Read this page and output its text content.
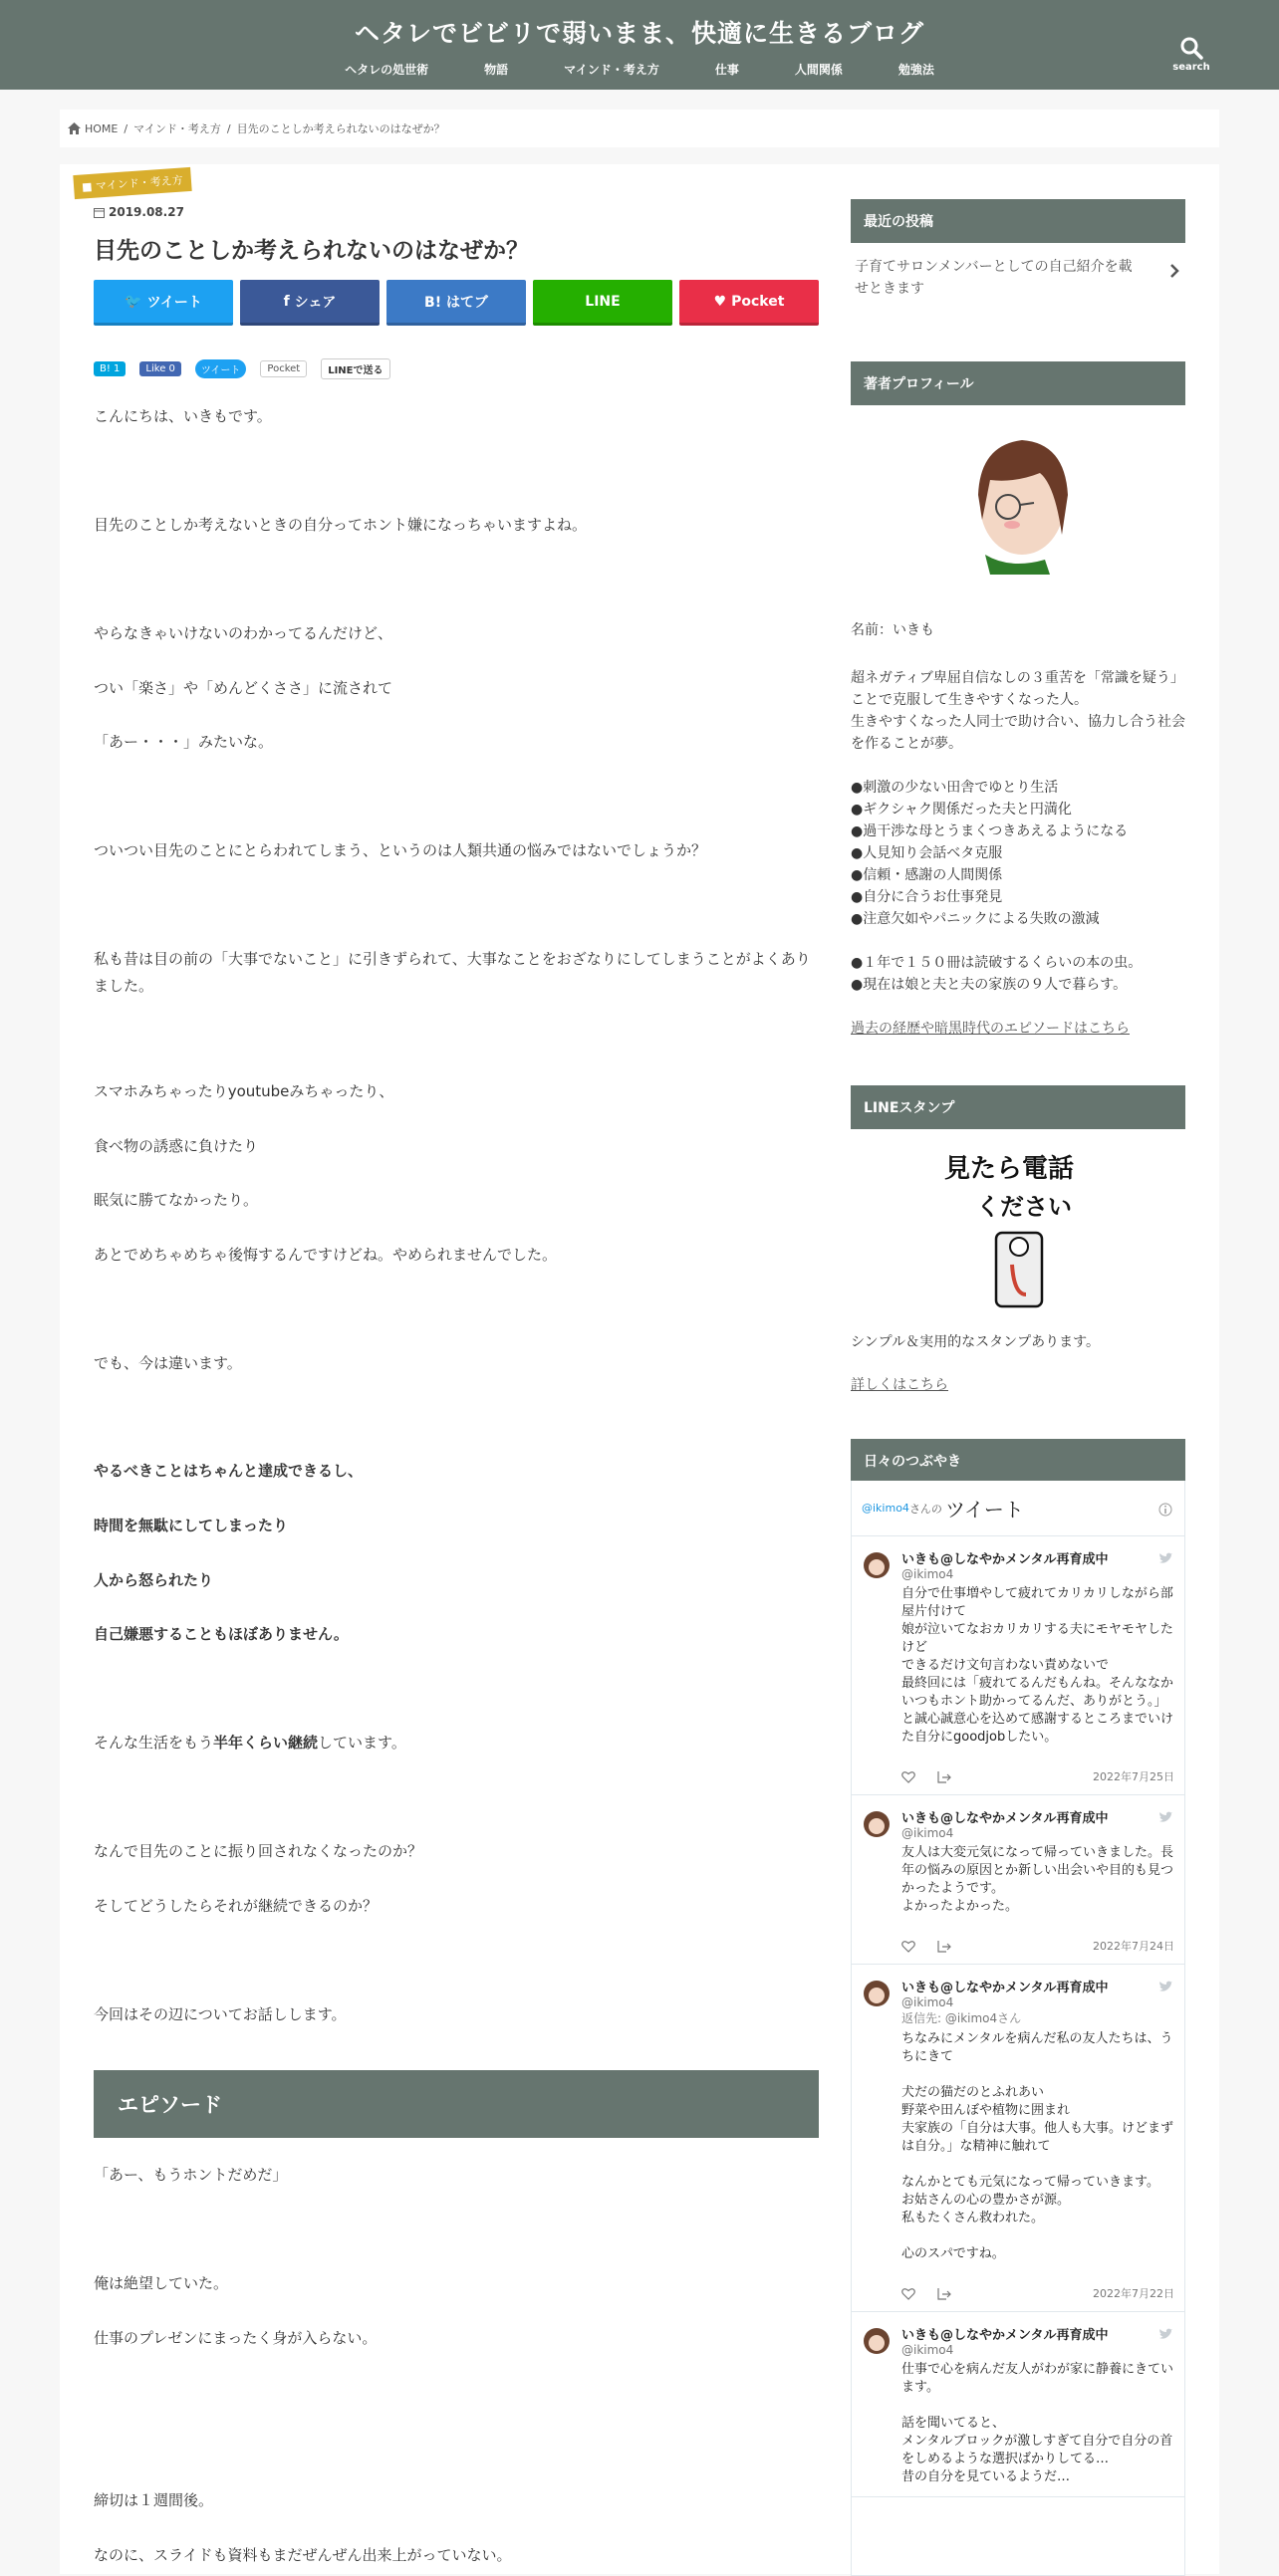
ヘタレでビビリで弱いまま、快適に生きるブログ
ヘタレの処世術	物語	マインド・考え方	仕事	人間関係	勉強法	search
HOME / マインド・考え方 / 目先のことしか考えられないのはなぜか？
■ マインド・考え方
2019.08.27
目先のことしか考えられないのはなぜか？
🐦 ツイート	f シェア	B! はてブ	LINE	♥ Pocket
B! 1	Like 0	ツイート	Pocket	LINEで送る

こんにちは、いきもです。

目先のことしか考えないときの自分ってホント嫌になっちゃいますよね。

やらなきゃいけないのわかってるんだけど、

つい「楽さ」や「めんどくささ」に流されて

「あー・・・」みたいな。

ついつい目先のことにとらわれてしまう、というのは人類共通の悩みではないでしょうか？

私も昔は目の前の「大事でないこと」に引きずられて、大事なことをおざなりにしてしまうことがよくありました。

スマホみちゃったりyoutubeみちゃったり、

食べ物の誘惑に負けたり

眠気に勝てなかったり。

あとでめちゃめちゃ後悔するんですけどね。やめられませんでした。

でも、今は違います。

やるべきことはちゃんと達成できるし、

時間を無駄にしてしまったり

人から怒られたり

自己嫌悪することもほぼありません。

そんな生活をもう半年くらい継続しています。

なんで目先のことに振り回されなくなったのか？

そしてどうしたらそれが継続できるのか？

今回はその辺についてお話しします。

エピソード

「あー、もうホントだめだ」

俺は絶望していた。

仕事のプレゼンにまったく身が入らない。

締切は１週間後。

なのに、スライドも資料もまだぜんぜん出来上がっていない。

最近の投稿
子育てサロンメンバーとしての自己紹介を載せときます
著者プロフィール
名前：いきも
超ネガティブ卑屈自信なしの３重苦を「常識を疑う」ことで克服して生きやすくなった人。
生きやすくなった人同士で助け合い、協力し合う社会を作ることが夢。
●刺激の少ない田舎でゆとり生活
●ギクシャク関係だった夫と円満化
●過干渉な母とうまくつきあえるようになる
●人見知り会話ベタ克服
●信頼・感謝の人間関係
●自分に合うお仕事発見
●注意欠如やパニックによる失敗の激減
●１年で１５０冊は読破するくらいの本の虫。
●現在は娘と夫と夫の家族の９人で暮らす。
過去の経歴や暗黒時代のエピソードはこちら
LINEスタンプ
見たら電話
ください
シンプル＆実用的なスタンプあります。
詳しくはこちら
日々のつぶやき
@ikimo4 さんの ツイート
いきも@しなやかメンタル再育成中
@ikimo4
自分で仕事増やして疲れてカリカリしながら部屋片付けて
娘が泣いてなおカリカリする夫にモヤモヤしたけど
できるだけ文句言わない責めないで
最終回には「疲れてるんだもんね。そんななかいつもホント助かってるんだ、ありがとう。」と誠心誠意心を込めて感謝するところまでいけた自分にgoodjobしたい。
2022年7月25日
いきも@しなやかメンタル再育成中
@ikimo4
友人は大変元気になって帰っていきました。長年の悩みの原因とか新しい出会いや目的も見つかったようです。
よかったよかった。
2022年7月24日
いきも@しなやかメンタル再育成中
@ikimo4
返信先: @ikimo4さん
ちなみにメンタルを病んだ私の友人たちは、うちにきて

犬だの猫だのとふれあい
野菜や田んぼや植物に囲まれ
夫家族の「自分は大事。他人も大事。けどまずは自分。」な精神に触れて

なんかとても元気になって帰っていきます。
お姑さんの心の豊かさが源。
私もたくさん救われた。

心のスパですね。
2022年7月22日
いきも@しなやかメンタル再育成中
@ikimo4
仕事で心を病んだ友人がわが家に静養にきています。

話を聞いてると、
メンタルブロックが激しすぎて自分で自分の首をしめるような選択ばかりしてる…
昔の自分を見ているようだ…
